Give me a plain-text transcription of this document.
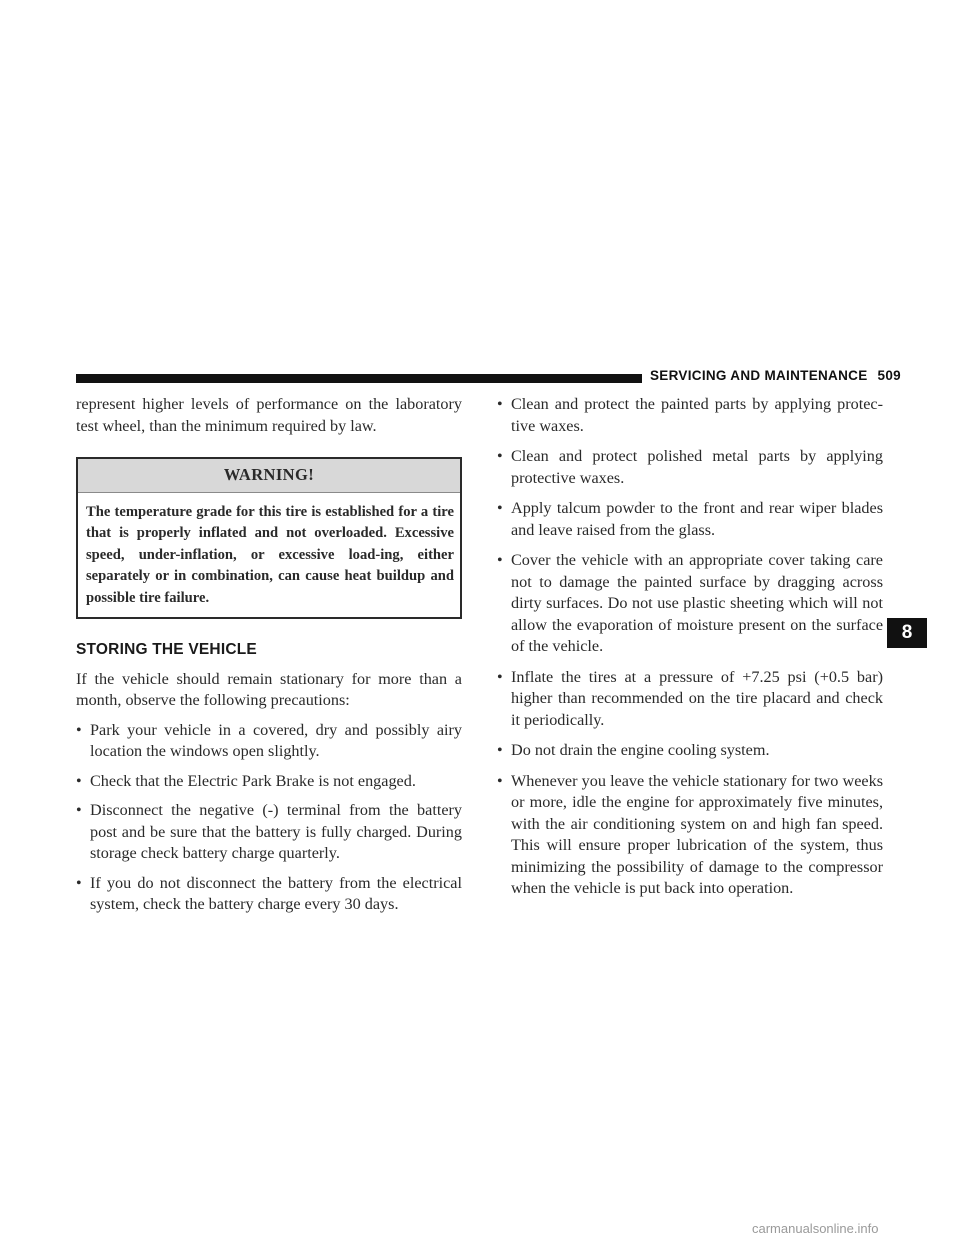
SERVICING AND MAINTENANCE 509

represent higher levels of performance on the laboratory test wheel, than the minimum required by law.

WARNING!
The temperature grade for this tire is established for a tire that is properly inflated and not overloaded. Excessive speed, under-inflation, or excessive load-ing, either separately or in combination, can cause heat buildup and possible tire failure.
STORING THE VEHICLE

If the vehicle should remain stationary for more than a month, observe the following precautions:

• Park your vehicle in a covered, dry and possibly airy location the windows open slightly.
• Check that the Electric Park Brake is not engaged.
• Disconnect the negative (-) terminal from the battery post and be sure that the battery is fully charged. During storage check battery charge quarterly.
• If you do not disconnect the battery from the electrical system, check the battery charge every 30 days.
• Clean and protect the painted parts by applying protec-tive waxes.
• Clean and protect polished metal parts by applying protective waxes.
• Apply talcum powder to the front and rear wiper blades and leave raised from the glass.
• Cover the vehicle with an appropriate cover taking care not to damage the painted surface by dragging across dirty surfaces. Do not use plastic sheeting which will not allow the evaporation of moisture present on the surface of the vehicle.
• Inflate the tires at a pressure of +7.25 psi (+0.5 bar) higher than recommended on the tire placard and check it periodically.
• Do not drain the engine cooling system.
• Whenever you leave the vehicle stationary for two weeks or more, idle the engine for approximately five minutes, with the air conditioning system on and high fan speed. This will ensure proper lubrication of the system, thus minimizing the possibility of damage to the compressor when the vehicle is put back into operation.
8
carmanualsonline.info
